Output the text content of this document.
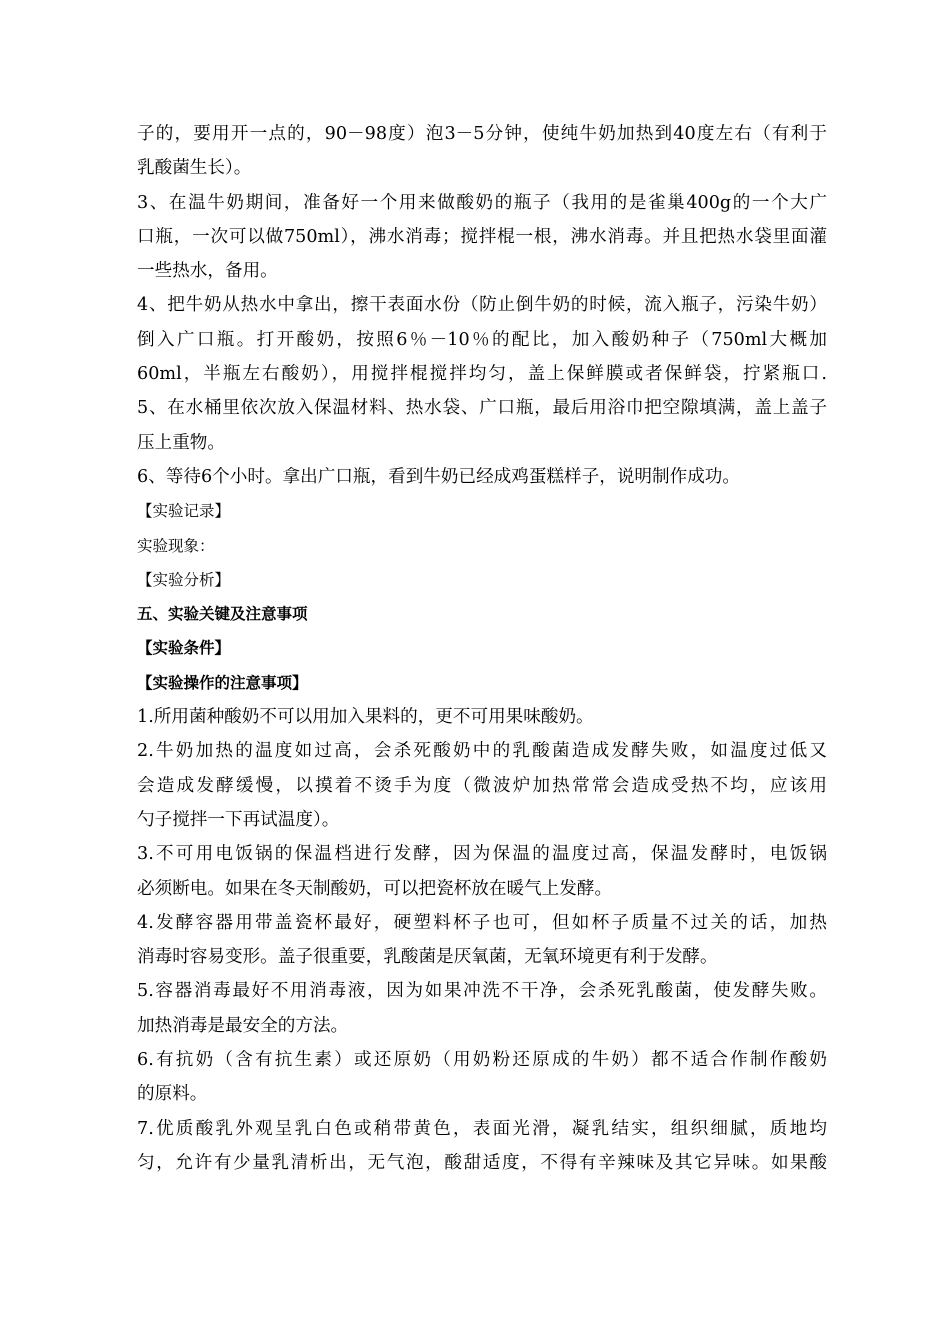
子的，要用开一点的，90－98度）泡3－5分钟，使纯牛奶加热到40度左右（有利于
乳酸菌生长）。
3、在温牛奶期间，准备好一个用来做酸奶的瓶子（我用的是雀巢400g的一个大广
口瓶，一次可以做750ml），沸水消毒；搅拌棍一根，沸水消毒。并且把热水袋里面灌
一些热水，备用。
4、把牛奶从热水中拿出，擦干表面水份（防止倒牛奶的时候，流入瓶子，污染牛奶）
倒入广口瓶。打开酸奶，按照6％－10％的配比，加入酸奶种子（750ml大概加
60ml，半瓶左右酸奶），用搅拌棍搅拌均匀，盖上保鲜膜或者保鲜袋，拧紧瓶口.
5、在水桶里依次放入保温材料、热水袋、广口瓶，最后用浴巾把空隙填满，盖上盖子
压上重物。
6、等待6个小时。拿出广口瓶，看到牛奶已经成鸡蛋糕样子，说明制作成功。
【实验记录】
实验现象：
【实验分析】
五、实验关键及注意事项
【实验条件】
【实验操作的注意事项】
1.所用菌种酸奶不可以用加入果料的，更不可用果味酸奶。
2.牛奶加热的温度如过高，会杀死酸奶中的乳酸菌造成发酵失败，如温度过低又
会造成发酵缓慢，以摸着不烫手为度（微波炉加热常常会造成受热不均，应该用
勺子搅拌一下再试温度）。
3.不可用电饭锅的保温档进行发酵，因为保温的温度过高，保温发酵时，电饭锅
必须断电。如果在冬天制酸奶，可以把瓷杯放在暖气上发酵。
4.发酵容器用带盖瓷杯最好，硬塑料杯子也可，但如杯子质量不过关的话，加热
消毒时容易变形。盖子很重要，乳酸菌是厌氧菌，无氧环境更有利于发酵。
5.容器消毒最好不用消毒液，因为如果冲洗不干净，会杀死乳酸菌，使发酵失败。
加热消毒是最安全的方法。
6.有抗奶（含有抗生素）或还原奶（用奶粉还原成的牛奶）都不适合作制作酸奶
的原料。
7.优质酸乳外观呈乳白色或稍带黄色，表面光滑，凝乳结实，组织细腻，质地均
匀，允许有少量乳清析出，无气泡，酸甜适度，不得有辛辣味及其它异味。如果酸
